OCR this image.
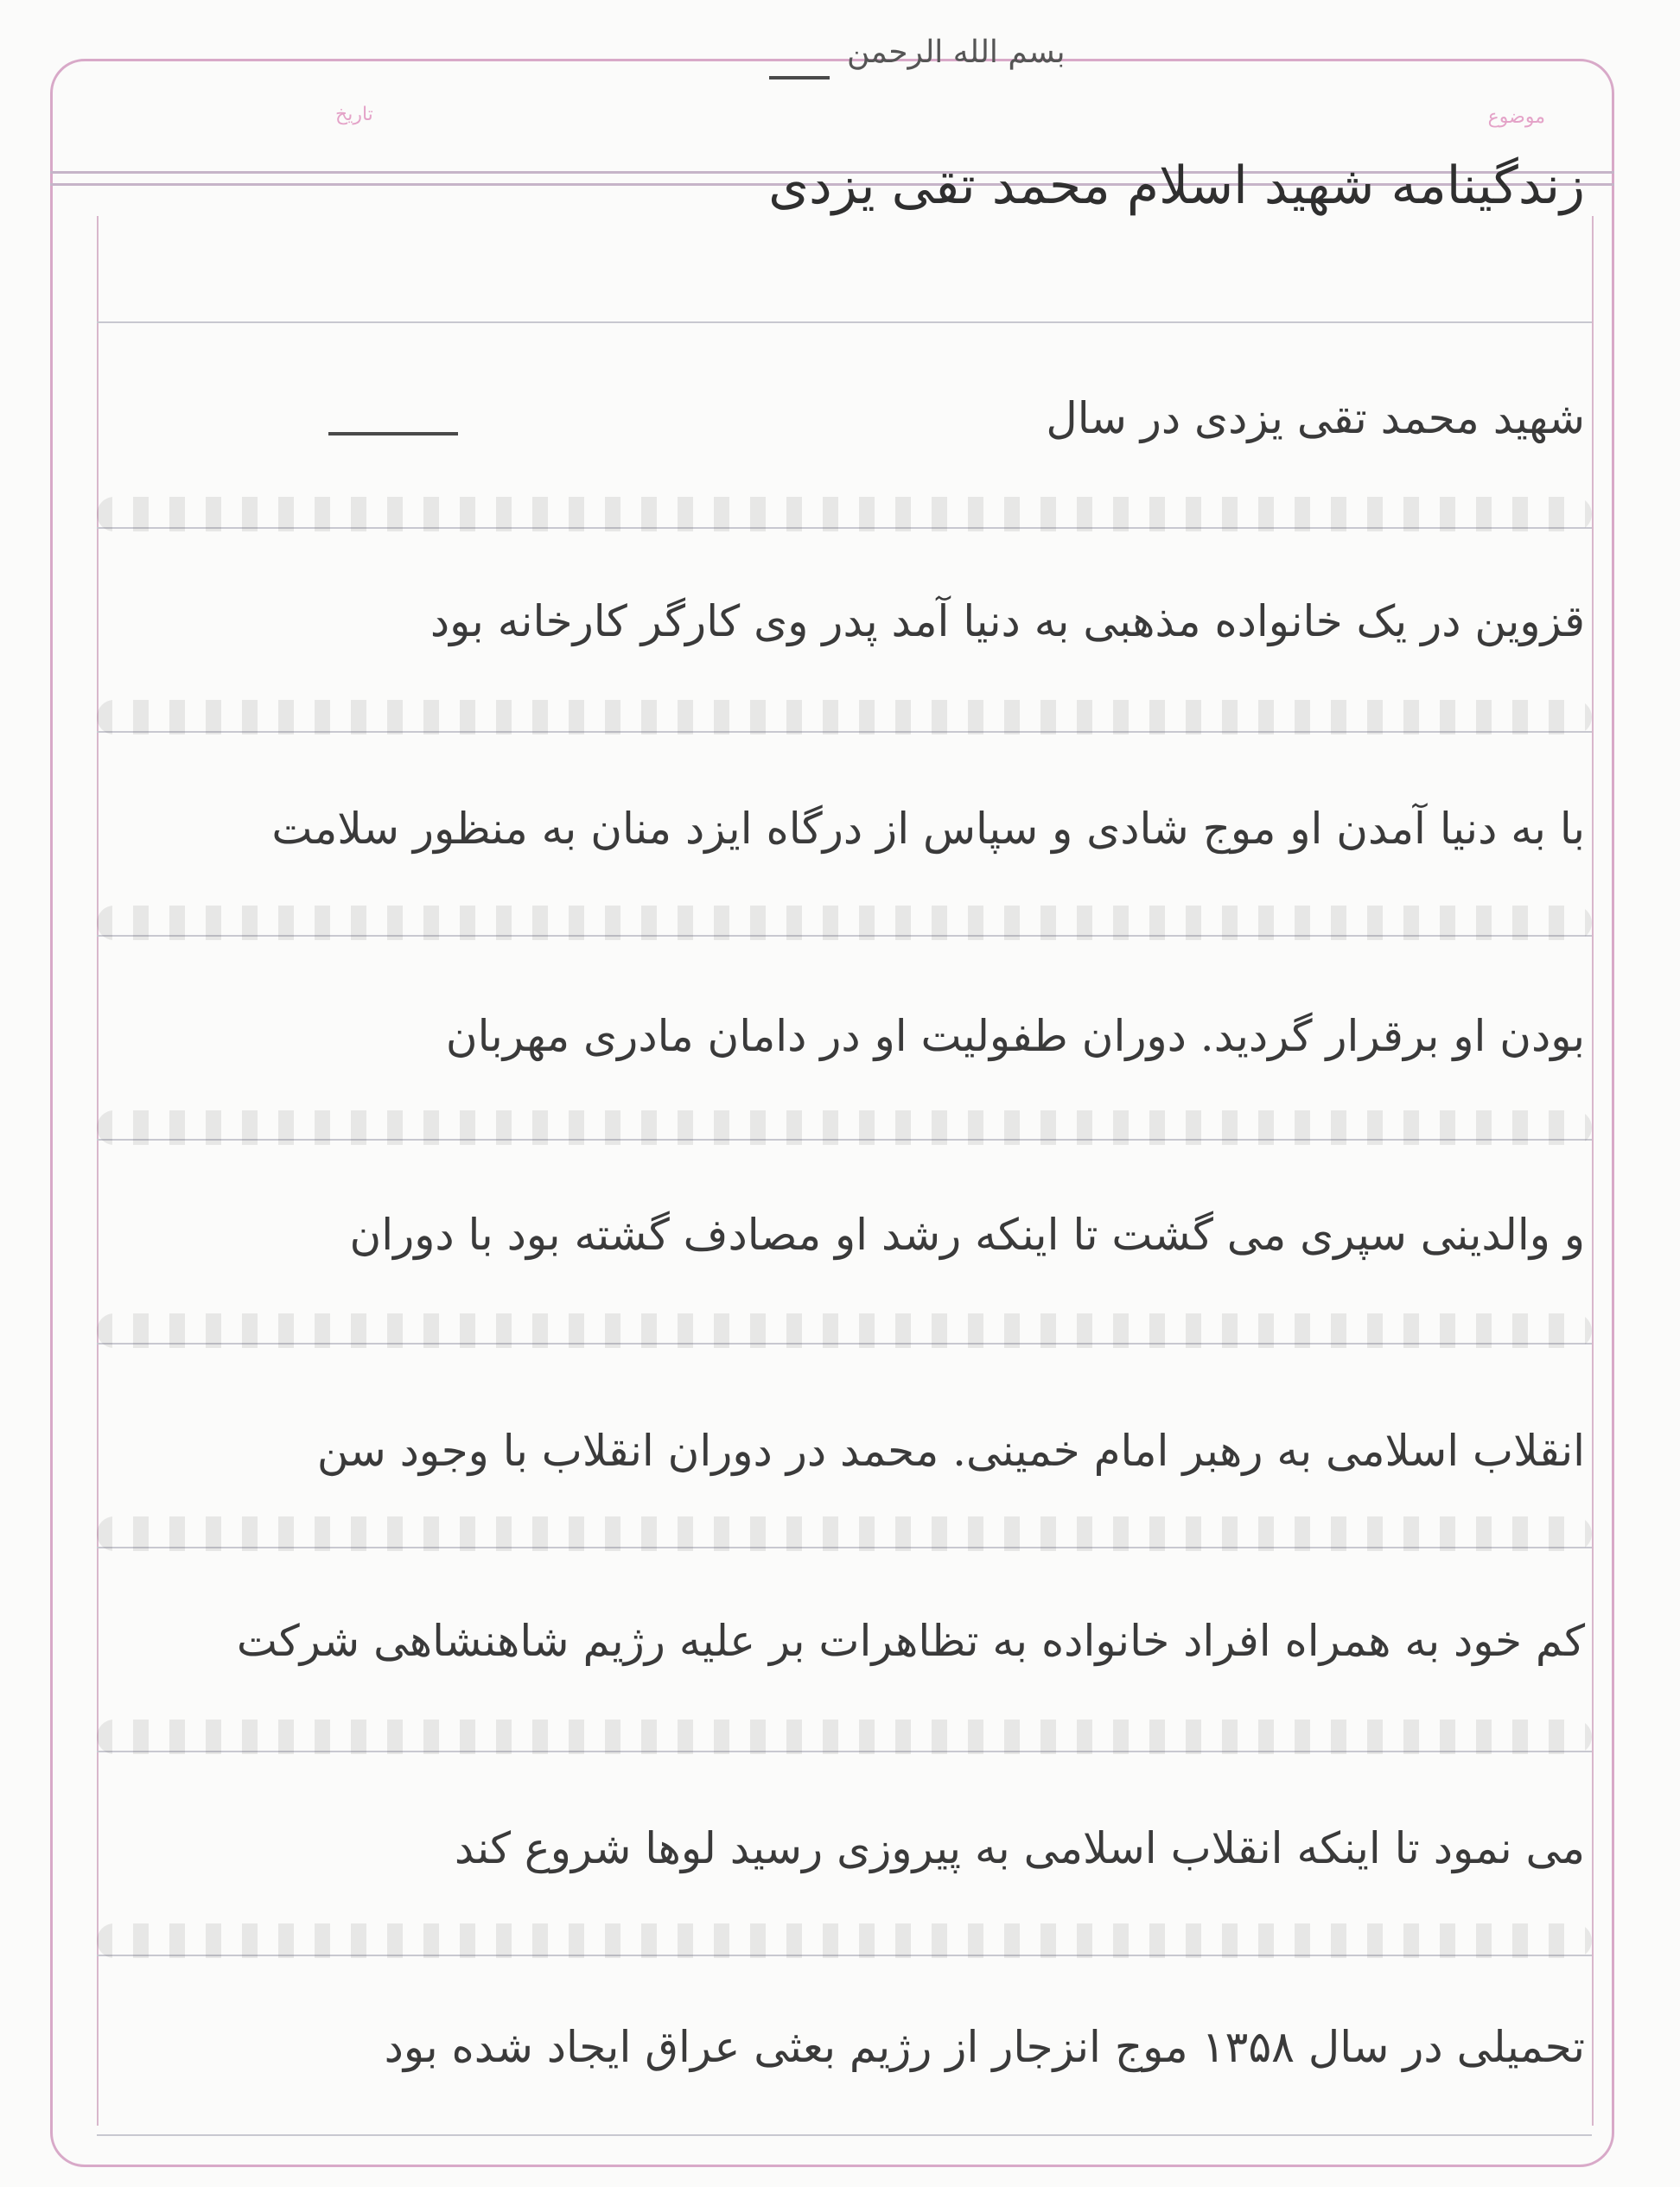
بسم الله الرحمن
موضوع
تاریخ
زندگینامه شهید اسلام محمد تقی یزدی
شهید محمد تقی یزدی در سال
قزوین در یک خانواده مذهبی به دنیا آمد پدر وی کارگر کارخانه بود
با به دنیا آمدن او موج شادی و سپاس از درگاه ایزد منان به منظور سلامت
بودن او برقرار گردید. دوران طفولیت او در دامان مادری مهربان
و والدینی سپری می گشت تا اینکه رشد او مصادف گشته بود با دوران
انقلاب اسلامی به رهبر امام خمینی. محمد در دوران انقلاب با وجود سن
کم خود به همراه افراد خانواده به تظاهرات بر علیه رژیم شاهنشاهی شرکت
می نمود تا اینکه انقلاب اسلامی به پیروزی رسید لوها شروع کند
تحمیلی در سال ۱۳۵۸ موج انزجار از رژیم بعثی عراق ایجاد شده بود
